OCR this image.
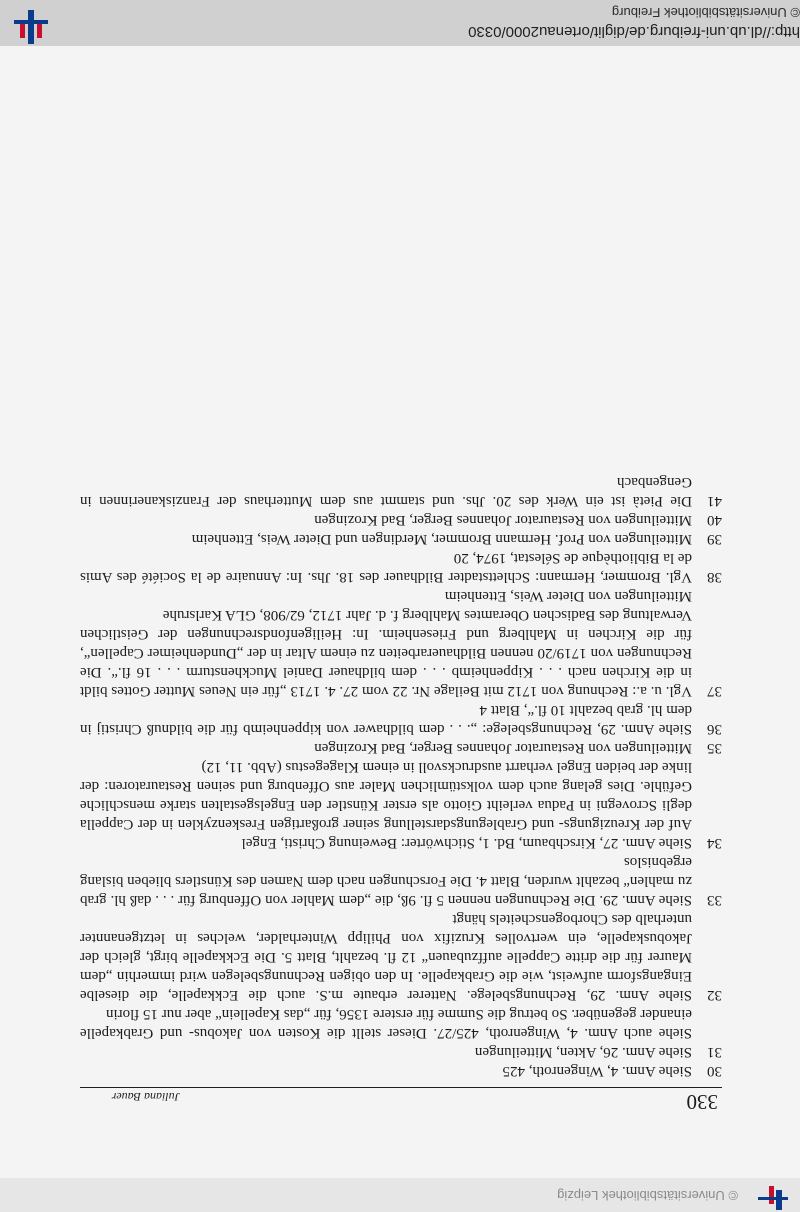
© Universitätsbibliothek Leipzig
330
Juliana Bauer
30

Siehe Anm. 4, Wingenroth, 425

31

Siehe Anm. 26, Akten, Mitteilungen

Siehe auch Anm. 4, Wingenroth, 425/27. Dieser stellt die Kosten von Jakobus- und Grabkapelle einander gegenüber. So betrug die Summe für erstere 1356, für „das Kapellein“ aber nur 15 florin

32

Siehe Anm. 29, Rechnungsbelege. Natterer erbaute m.S. auch die Eckkapelle, die dieselbe Eingangsform aufweist, wie die Grabkapelle. In den obigen Rechnungsbelegen wird immerhin „dem Maurer für die dritte Cappelle auffzubauen“ 12 fl. bezahlt, Blatt 5. Die Eckkapelle birgt, gleich der Jakobuskapelle, ein wertvolles Kruzifix von Philipp Winterhalder, welches in letztgenannter unterhalb des Chorbogenscheitels hängt

33

Siehe Anm. 29. Die Rechnungen nennen 5 fl. 9ß, die „dem Mahler von Offenburg für . . . daß hl. grab zu mahlen“ bezahlt wurden, Blatt 4. Die Forschungen nach dem Namen des Künstlers blieben bislang ergebnislos

34

Siehe Anm. 27, Kirschbaum, Bd. 1, Stichwörter: Beweinung Christi, Engel

Auf der Kreuzigungs- und Grablegungsdarstellung seiner großartigen Freskenzyklen in der Cappella degli Scrovegni in Padua verleiht Giotto als erster Künstler den Engelsgestalten starke menschliche Gefühle. Dies gelang auch dem volkstümlichen Maler aus Offenburg und seinen Restauratoren: der linke der beiden Engel verharrt ausdrucksvoll in einem Klagegestus (Abb. 11, 12)

35

Mitteilungen von Restaurator Johannes Berger, Bad Krozingen

36

Siehe Anm. 29, Rechnungsbelege: „. . . dem bildhawer von kippenheimb für die bildnuß Christij in dem hl. grab bezahlt 10 fl.“, Blatt 4

37

Vgl. u. a.: Rechnung von 1712 mit Beilage Nr. 22 vom 27. 4. 1713 „für ein Neues Mutter Gottes bildt in die Kirchen nach . . . Kippenheimb . . . dem bildhauer Daniel Muckhensturm . . . 16 fl.“. Die Rechnungen von 1719/20 nennen Bildhauerarbeiten zu einem Altar in der „Dundenheimer Capellen“, für die Kirchen in Mahlberg und Friesenheim. In: Heiligenfondsrechnungen der Geistlichen Verwaltung des Badischen Oberamtes Mahlberg f. d. Jahr 1712, 62/908, GLA Karlsruhe

Mitteilungen von Dieter Weis, Ettenheim

38

Vgl. Brommer, Hermann: Schlettstadter Bildhauer des 18. Jhs. In: Annuaire de la Société des Amis de la Bibliothèque de Sélestat, 1974, 20

39

Mitteilungen von Prof. Hermann Brommer, Merdingen und Dieter Weis, Ettenheim

40

Mitteilungen von Restaurator Johannes Berger, Bad Krozingen

41

Die Pietà ist ein Werk des 20. Jhs. und stammt aus dem Mutterhaus der Franziskanerinnen in Gengenbach

http://dl.ub.uni-freiburg.de/diglit/ortenau2000/0330
© Universitätsbibliothek Freiburg
